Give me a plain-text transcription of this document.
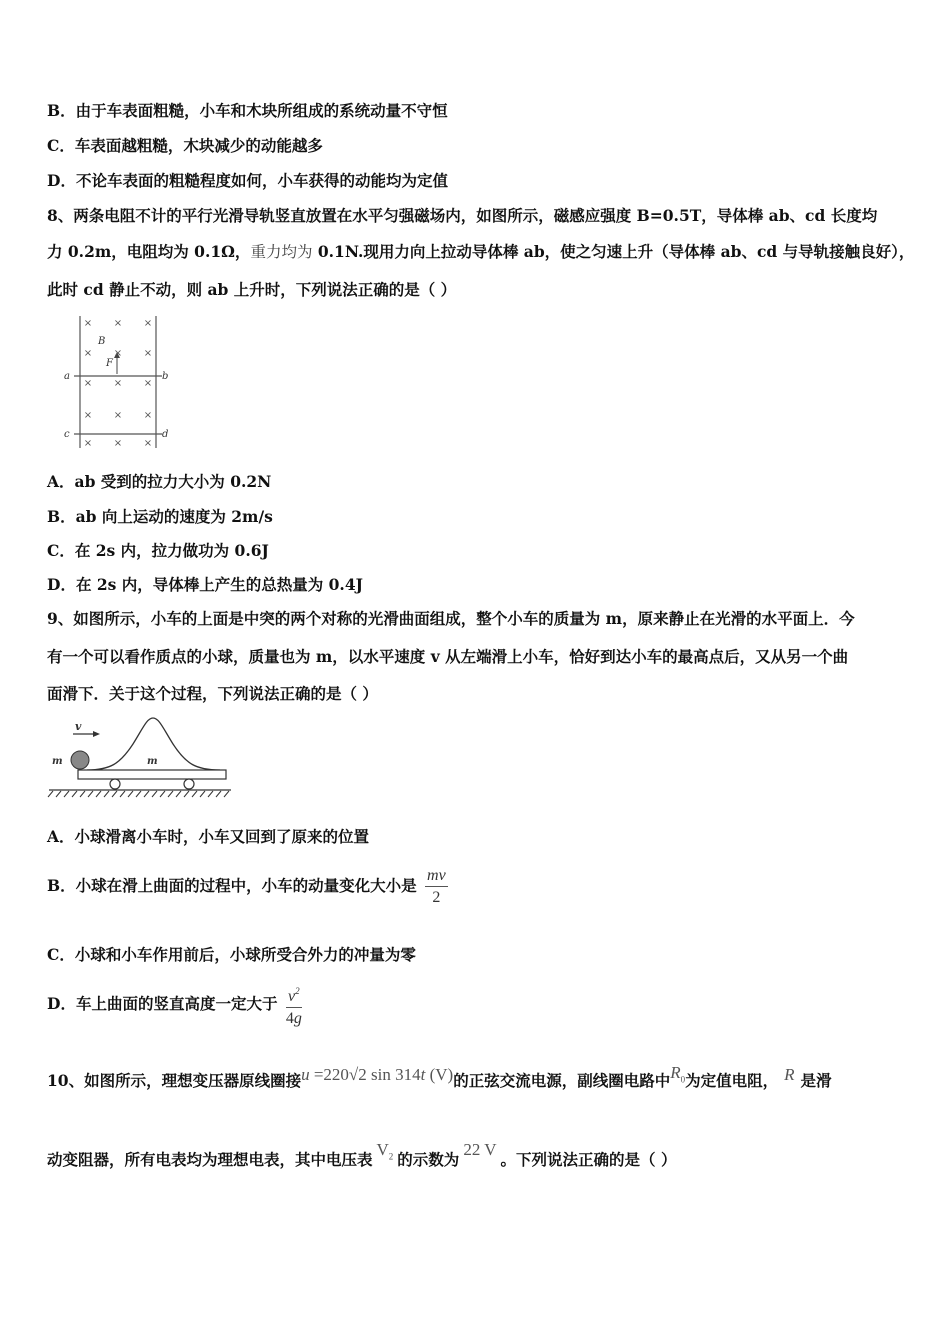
B．由于车表面粗糙，小车和木块所组成的系统动量不守恒
C．车表面越粗糙，木块减少的动能越多
D．不论车表面的粗糙程度如何，小车获得的动能均为定值
8、两条电阻不计的平行光滑导轨竖直放置在水平匀强磁场内，如图所示，磁感应强度 B=0.5T，导体棒 ab、cd 长度均
力 0.2m，电阻均为 0.1Ω，重力均为 0.1N.现用力向上拉动导体棒 ab，使之匀速上升（导体棒 ab、cd 与导轨接触良好），
此时 cd 静止不动，则 ab 上升时，下列说法正确的是（ ）
× × ×
× × ×
× × ×
× × ×
× × ×
a	b
c	d
B
F
A．ab 受到的拉力大小为 0.2N
B．ab 向上运动的速度为 2m/s
C．在 2s 内，拉力做功为 0.6J
D．在 2s 内，导体棒上产生的总热量为 0.4J
9、如图所示，小车的上面是中突的两个对称的光滑曲面组成，整个小车的质量为 m，原来静止在光滑的水平面上．今
有一个可以看作质点的小球，质量也为 m，以水平速度 v 从左端滑上小车，恰好到达小车的最高点后，又从另一个曲
面滑下．关于这个过程，下列说法正确的是（ ）
v
m	m
A．小球滑离小车时，小车又回到了原来的位置
B．小球在滑上曲面的过程中，小车的动量变化大小是 $\frac{mv}{2}$
C．小球和小车作用前后，小球所受合外力的冲量为零
D．车上曲面的竖直高度一定大于 $\frac{v^2}{4g}$
10、如图所示，理想变压器原线圈接u =220√2 sin 314t (V)的正弦交流电源，副线圈电路中$R_0$为定值电阻， R 是滑
动变阻器，所有电表均为理想电表，其中电压表$V_2$ 的示数为22 V。下列说法正确的是（ ）
